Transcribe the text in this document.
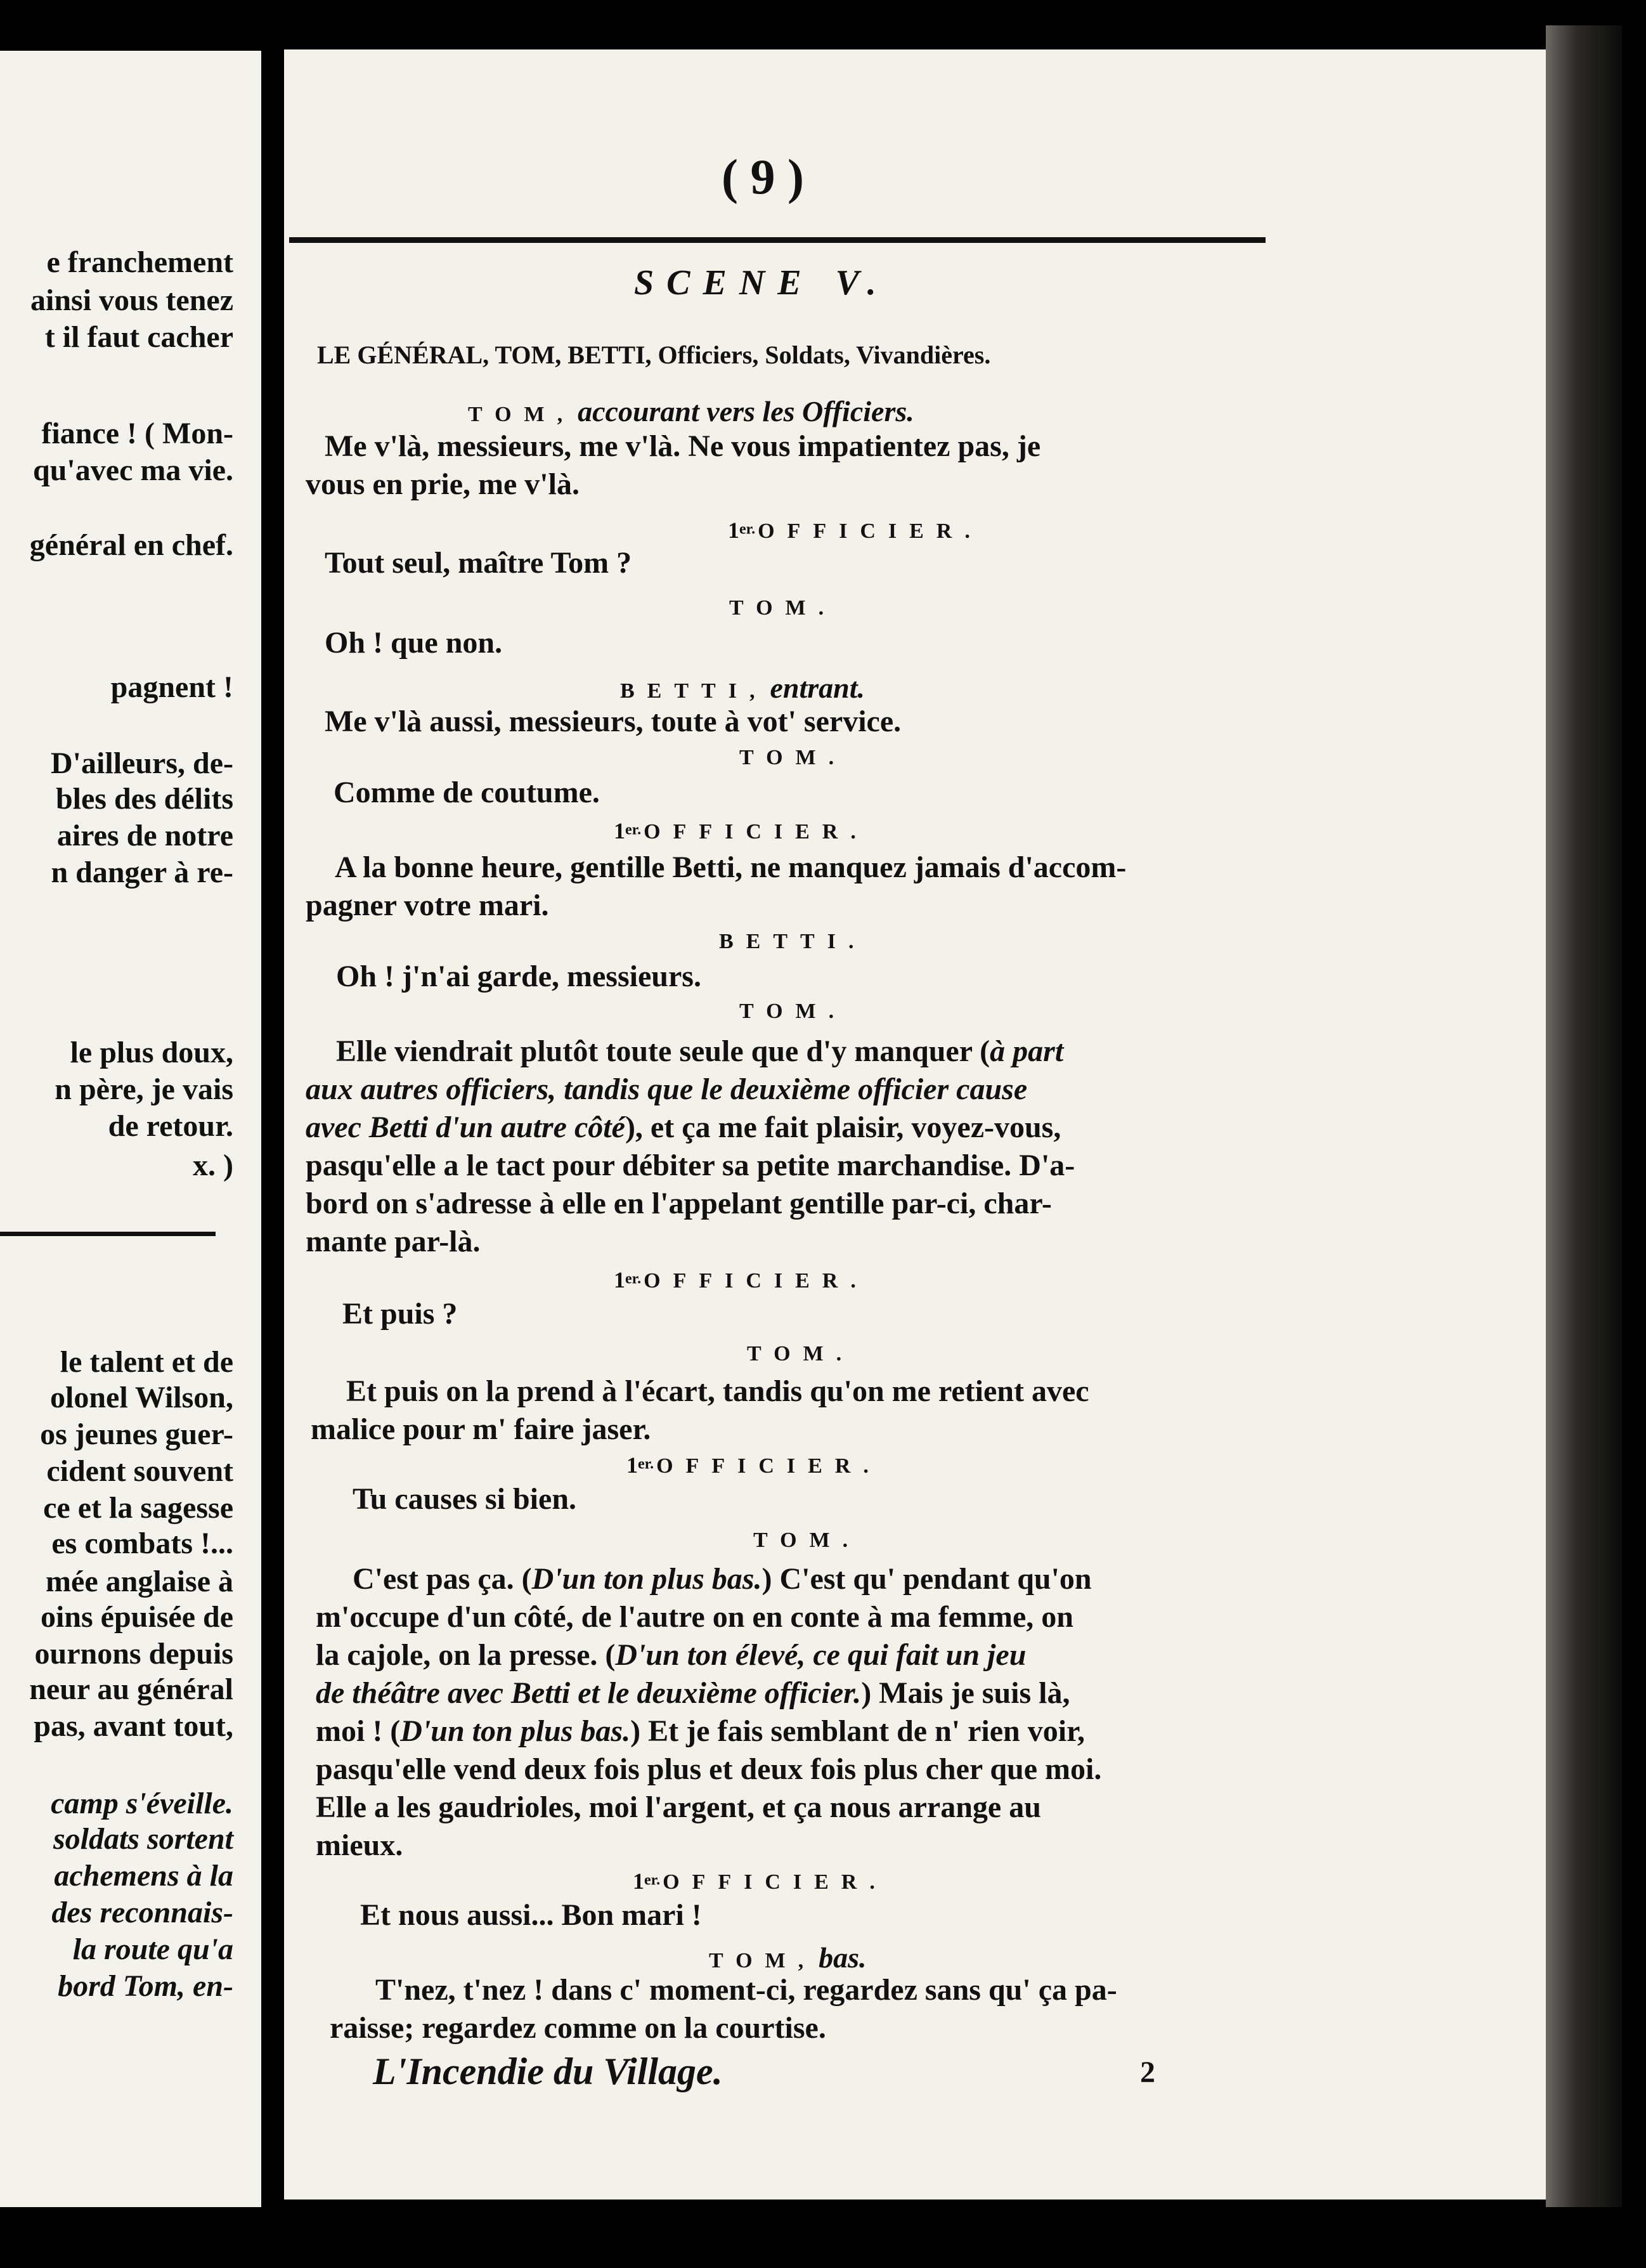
e franchement
ainsi vous tenez
t il faut cacher
fiance ! ( Mon-
qu'avec ma vie.
général en chef.
pagnent !
D'ailleurs, de-
bles des délits
aires de notre
n danger à re-
le plus doux,
n père, je vais
de retour.
x. )
le talent et de
olonel Wilson,
os jeunes guer-
cident souvent
ce et la sagesse
es combats !...
mée anglaise à
oins épuisée de
ournons depuis
neur au général
pas, avant tout,
camp s'éveille.
soldats sortent
achemens à la
des reconnais-
la route qu'a
bord Tom, en-
( 9 )
SCENE V.
LE GÉNÉRAL, TOM, BETTI, Officiers, Soldats, Vivandières.
TOM, accourant vers les Officiers.
Me v'là, messieurs, me v'là. Ne vous impatientez pas, je
vous en prie, me v'là.
$1^{er.}$ OFFICIER.
Tout seul, maître Tom ?
TOM.
Oh ! que non.
BETTI, entrant.
Me v'là aussi, messieurs, toute à vot' service.
TOM.
Comme de coutume.
$1^{er.}$ OFFICIER.
A la bonne heure, gentille Betti, ne manquez jamais d'accom-
pagner votre mari.
BETTI.
Oh ! j'n'ai garde, messieurs.
TOM.
Elle viendrait plutôt toute seule que d'y manquer (à part
aux autres officiers, tandis que le deuxième officier cause
avec Betti d'un autre côté), et ça me fait plaisir, voyez-vous,
pasqu'elle a le tact pour débiter sa petite marchandise. D'a-
bord on s'adresse à elle en l'appelant gentille par-ci, char-
mante par-là.
$1^{er.}$ OFFICIER.
Et puis ?
TOM.
Et puis on la prend à l'écart, tandis qu'on me retient avec
malice pour m' faire jaser.
$1^{er.}$ OFFICIER.
Tu causes si bien.
TOM.
C'est pas ça. (D'un ton plus bas.) C'est qu' pendant qu'on
m'occupe d'un côté, de l'autre on en conte à ma femme, on
la cajole, on la presse. (D'un ton élevé, ce qui fait un jeu
de théâtre avec Betti et le deuxième officier.) Mais je suis là,
moi ! (D'un ton plus bas.) Et je fais semblant de n' rien voir,
pasqu'elle vend deux fois plus et deux fois plus cher que moi.
Elle a les gaudrioles, moi l'argent, et ça nous arrange au
mieux.
$1^{er.}$ OFFICIER.
Et nous aussi... Bon mari !
TOM, bas.
T'nez, t'nez ! dans c' moment-ci, regardez sans qu' ça pa-
raisse; regardez comme on la courtise.
L'Incendie du Village.	2
